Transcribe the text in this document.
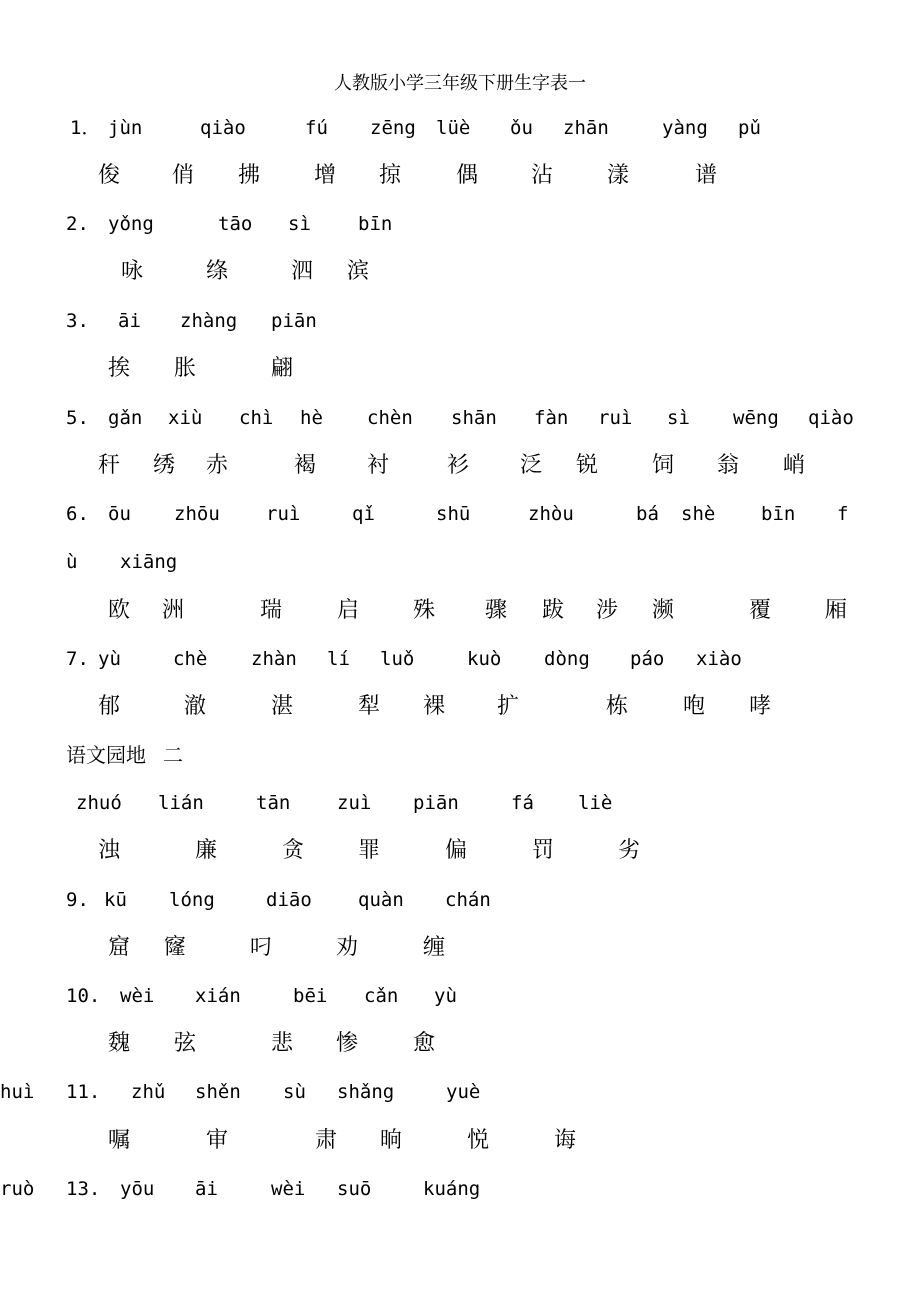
人教版小学三年级下册生字表一
1． jùn	qiào	fú zēng lüè ǒu zhān	yàng pǔ
俊 俏 拂 增 掠 偶 沾 漾	谱
2. yǒng	tāo sì bīn
咏	绦	泗 滨
3. āi zhàng piān
挨 胀	翩
5. gǎn xiù chì hè chèn shān fàn ruì sì wēng qiào
秆 绣 赤	褐 衬	衫 泛 锐 饲 翁 峭
6. ōu zhōu ruì	qǐ	shū	zhòu	bá shè bīn f
ù xiāng
欧 洲	瑞 启 殊 骤 跋 涉 濒	覆 厢
7. yù	chè zhàn lí luǒ	kuò dòng páo xiào
郁	澈	湛	犁 裸 扩	栋 咆 哮
语文园地 二
zhuó lián	tān zuì piān	fá liè
浊	廉	贪 罪	偏	罚	劣
9. kū lóng	diāo quàn chán
窟 窿	叼	劝	缠
10. wèi xián	bēi cǎn yù
魏 弦	悲 惨 愈
11. zhǔ shěn sù shǎng	yuè
huì
嘱	审	肃 晌	悦	诲
13. yōu āi	wèi suō	kuáng
ruò
